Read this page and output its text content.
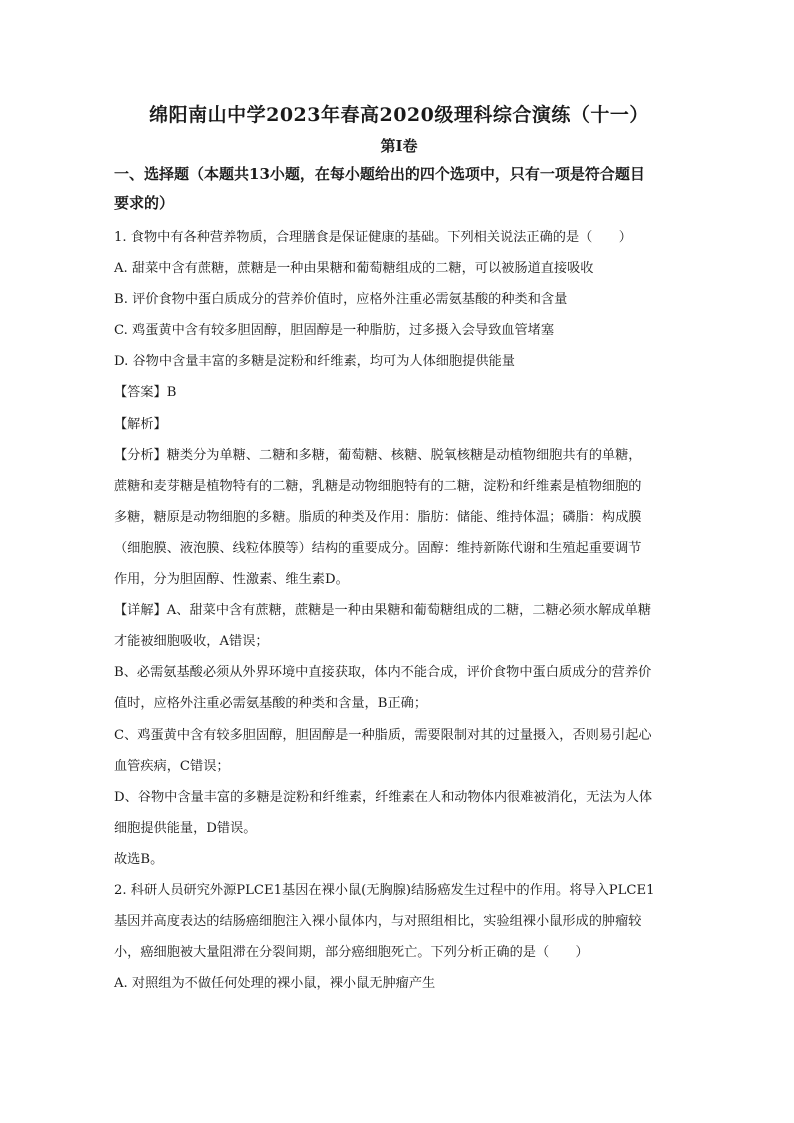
绵阳南山中学2023年春高2020级理科综合演练（十一）
第I卷
一、选择题（本题共13小题，在每小题给出的四个选项中，只有一项是符合题目
要求的）
1. 食物中有各种营养物质，合理膳食是保证健康的基础。下列相关说法正确的是（　　）
A. 甜菜中含有蔗糖，蔗糖是一种由果糖和葡萄糖组成的二糖，可以被肠道直接吸收
B. 评价食物中蛋白质成分的营养价值时，应格外注重必需氨基酸的种类和含量
C. 鸡蛋黄中含有较多胆固醇，胆固醇是一种脂肪，过多摄入会导致血管堵塞
D. 谷物中含量丰富的多糖是淀粉和纤维素，均可为人体细胞提供能量
【答案】B
【解析】
【分析】糖类分为单糖、二糖和多糖，葡萄糖、核糖、脱氧核糖是动植物细胞共有的单糖，
蔗糖和麦芽糖是植物特有的二糖，乳糖是动物细胞特有的二糖，淀粉和纤维素是植物细胞的
多糖，糖原是动物细胞的多糖。脂质的种类及作用：脂肪：储能、维持体温；磷脂：构成膜
（细胞膜、液泡膜、线粒体膜等）结构的重要成分。固醇：维持新陈代谢和生殖起重要调节
作用，分为胆固醇、性激素、维生素D。
【详解】A、甜菜中含有蔗糖，蔗糖是一种由果糖和葡萄糖组成的二糖，二糖必须水解成单糖
才能被细胞吸收，A错误；
B、必需氨基酸必须从外界环境中直接获取，体内不能合成，评价食物中蛋白质成分的营养价
值时，应格外注重必需氨基酸的种类和含量，B正确；
C、鸡蛋黄中含有较多胆固醇，胆固醇是一种脂质，需要限制对其的过量摄入，否则易引起心
血管疾病，C错误；
D、谷物中含量丰富的多糖是淀粉和纤维素，纤维素在人和动物体内很难被消化，无法为人体
细胞提供能量，D错误。
故选B。
2. 科研人员研究外源PLCE1基因在裸小鼠(无胸腺)结肠癌发生过程中的作用。将导入PLCE1
基因并高度表达的结肠癌细胞注入裸小鼠体内，与对照组相比，实验组裸小鼠形成的肿瘤较
小，癌细胞被大量阻滞在分裂间期，部分癌细胞死亡。下列分析正确的是（　　）
A. 对照组为不做任何处理的裸小鼠，裸小鼠无肿瘤产生
